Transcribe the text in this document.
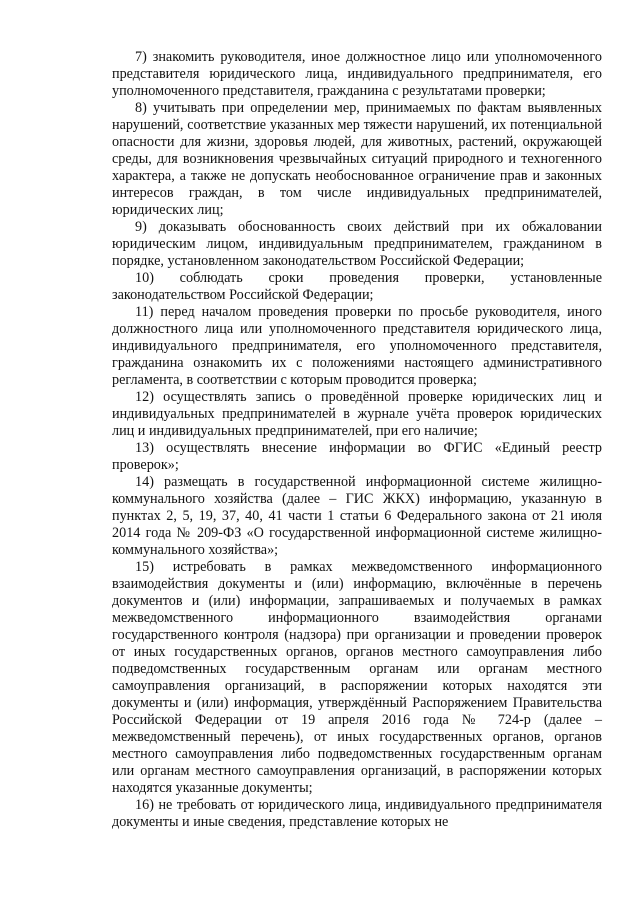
7) знакомить руководителя, иное должностное лицо или уполномоченного представителя юридического лица, индивидуального предпринимателя, его уполномоченного представителя, гражданина с результатами проверки;

8) учитывать при определении мер, принимаемых по фактам выявленных нарушений, соответствие указанных мер тяжести нарушений, их потенциальной опасности для жизни, здоровья людей, для животных, растений, окружающей среды, для возникновения чрезвычайных ситуаций природного и техногенного характера, а также не допускать необоснованное ограничение прав и законных интересов граждан, в том числе индивидуальных предпринимателей, юридических лиц;

9) доказывать обоснованность своих действий при их обжаловании юридическим лицом, индивидуальным предпринимателем, гражданином в порядке, установленном законодательством Российской Федерации;

10) соблюдать сроки проведения проверки, установленные законодательством Российской Федерации;

11) перед началом проведения проверки по просьбе руководителя, иного должностного лица или уполномоченного представителя юридического лица, индивидуального предпринимателя, его уполномоченного представителя, гражданина ознакомить их с положениями настоящего административного регламента, в соответствии с которым проводится проверка;

12) осуществлять запись о проведённой проверке юридических лиц и индивидуальных предпринимателей в журнале учёта проверок юридических лиц и индивидуальных предпринимателей, при его наличие;

13) осуществлять внесение информации во ФГИС «Единый реестр проверок»;

14) размещать в государственной информационной системе жилищно-коммунального хозяйства (далее – ГИС ЖКХ) информацию, указанную в пунктах 2, 5, 19, 37, 40, 41 части 1 статьи 6 Федерального закона от 21 июля 2014 года № 209-ФЗ «О государственной информационной системе жилищно-коммунального хозяйства»;

15) истребовать в рамках межведомственного информационного взаимодействия документы и (или) информацию, включённые в перечень документов и (или) информации, запрашиваемых и получаемых в рамках межведомственного информационного взаимодействия органами государственного контроля (надзора) при организации и проведении проверок от иных государственных органов, органов местного самоуправления либо подведомственных государственным органам или органам местного самоуправления организаций, в распоряжении которых находятся эти документы и (или) информация, утверждённый Распоряжением Правительства Российской Федерации от 19 апреля 2016 года № 724-р (далее – межведомственный перечень), от иных государственных органов, органов местного самоуправления либо подведомственных государственным органам или органам местного самоуправления организаций, в распоряжении которых находятся указанные документы;

16) не требовать от юридического лица, индивидуального предпринимателя документы и иные сведения, представление которых не
